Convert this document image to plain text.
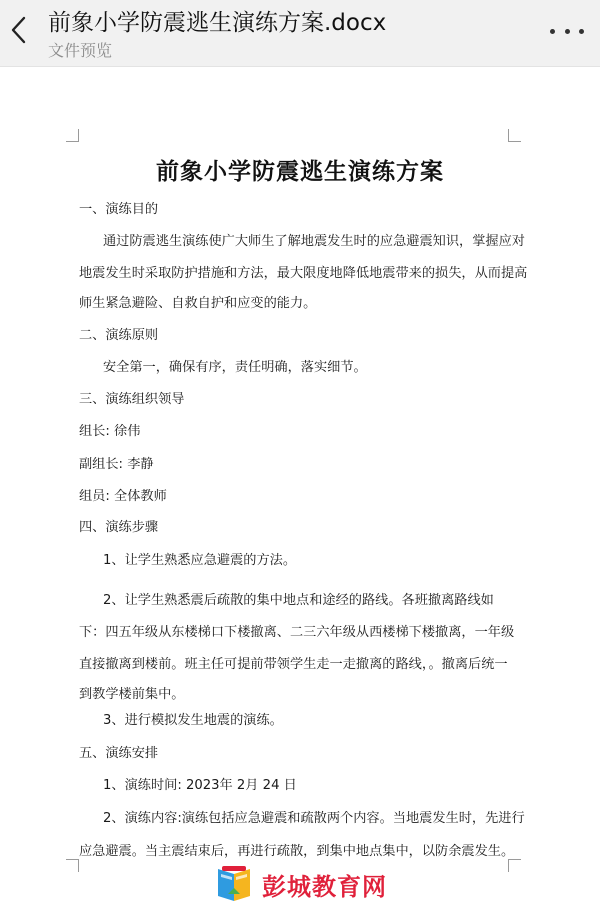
前象小学防震逃生演练方案.docx
文件预览
前象小学防震逃生演练方案
一、演练目的
通过防震逃生演练使广大师生了解地震发生时的应急避震知识，掌握应对
地震发生时采取防护措施和方法，最大限度地降低地震带来的损失，从而提高
师生紧急避险、自救自护和应变的能力。
二、演练原则
安全第一，确保有序，责任明确，落实细节。
三、演练组织领导
组长: 徐伟
副组长: 李静
组员: 全体教师
四、演练步骤
1、让学生熟悉应急避震的方法。
2、让学生熟悉震后疏散的集中地点和途经的路线。各班撤离路线如
下：四五年级从东楼梯口下楼撤离、二三六年级从西楼梯下楼撤离，一年级
直接撤离到楼前。班主任可提前带领学生走一走撤离的路线，。撤离后统一
到教学楼前集中。
3、进行模拟发生地震的演练。
五、演练安排
1、演练时间: 2023年 2月 24 日
2、演练内容:演练包括应急避震和疏散两个内容。当地震发生时，先进行
应急避震。当主震结束后，再进行疏散，到集中地点集中，以防余震发生。
彭城教育网
